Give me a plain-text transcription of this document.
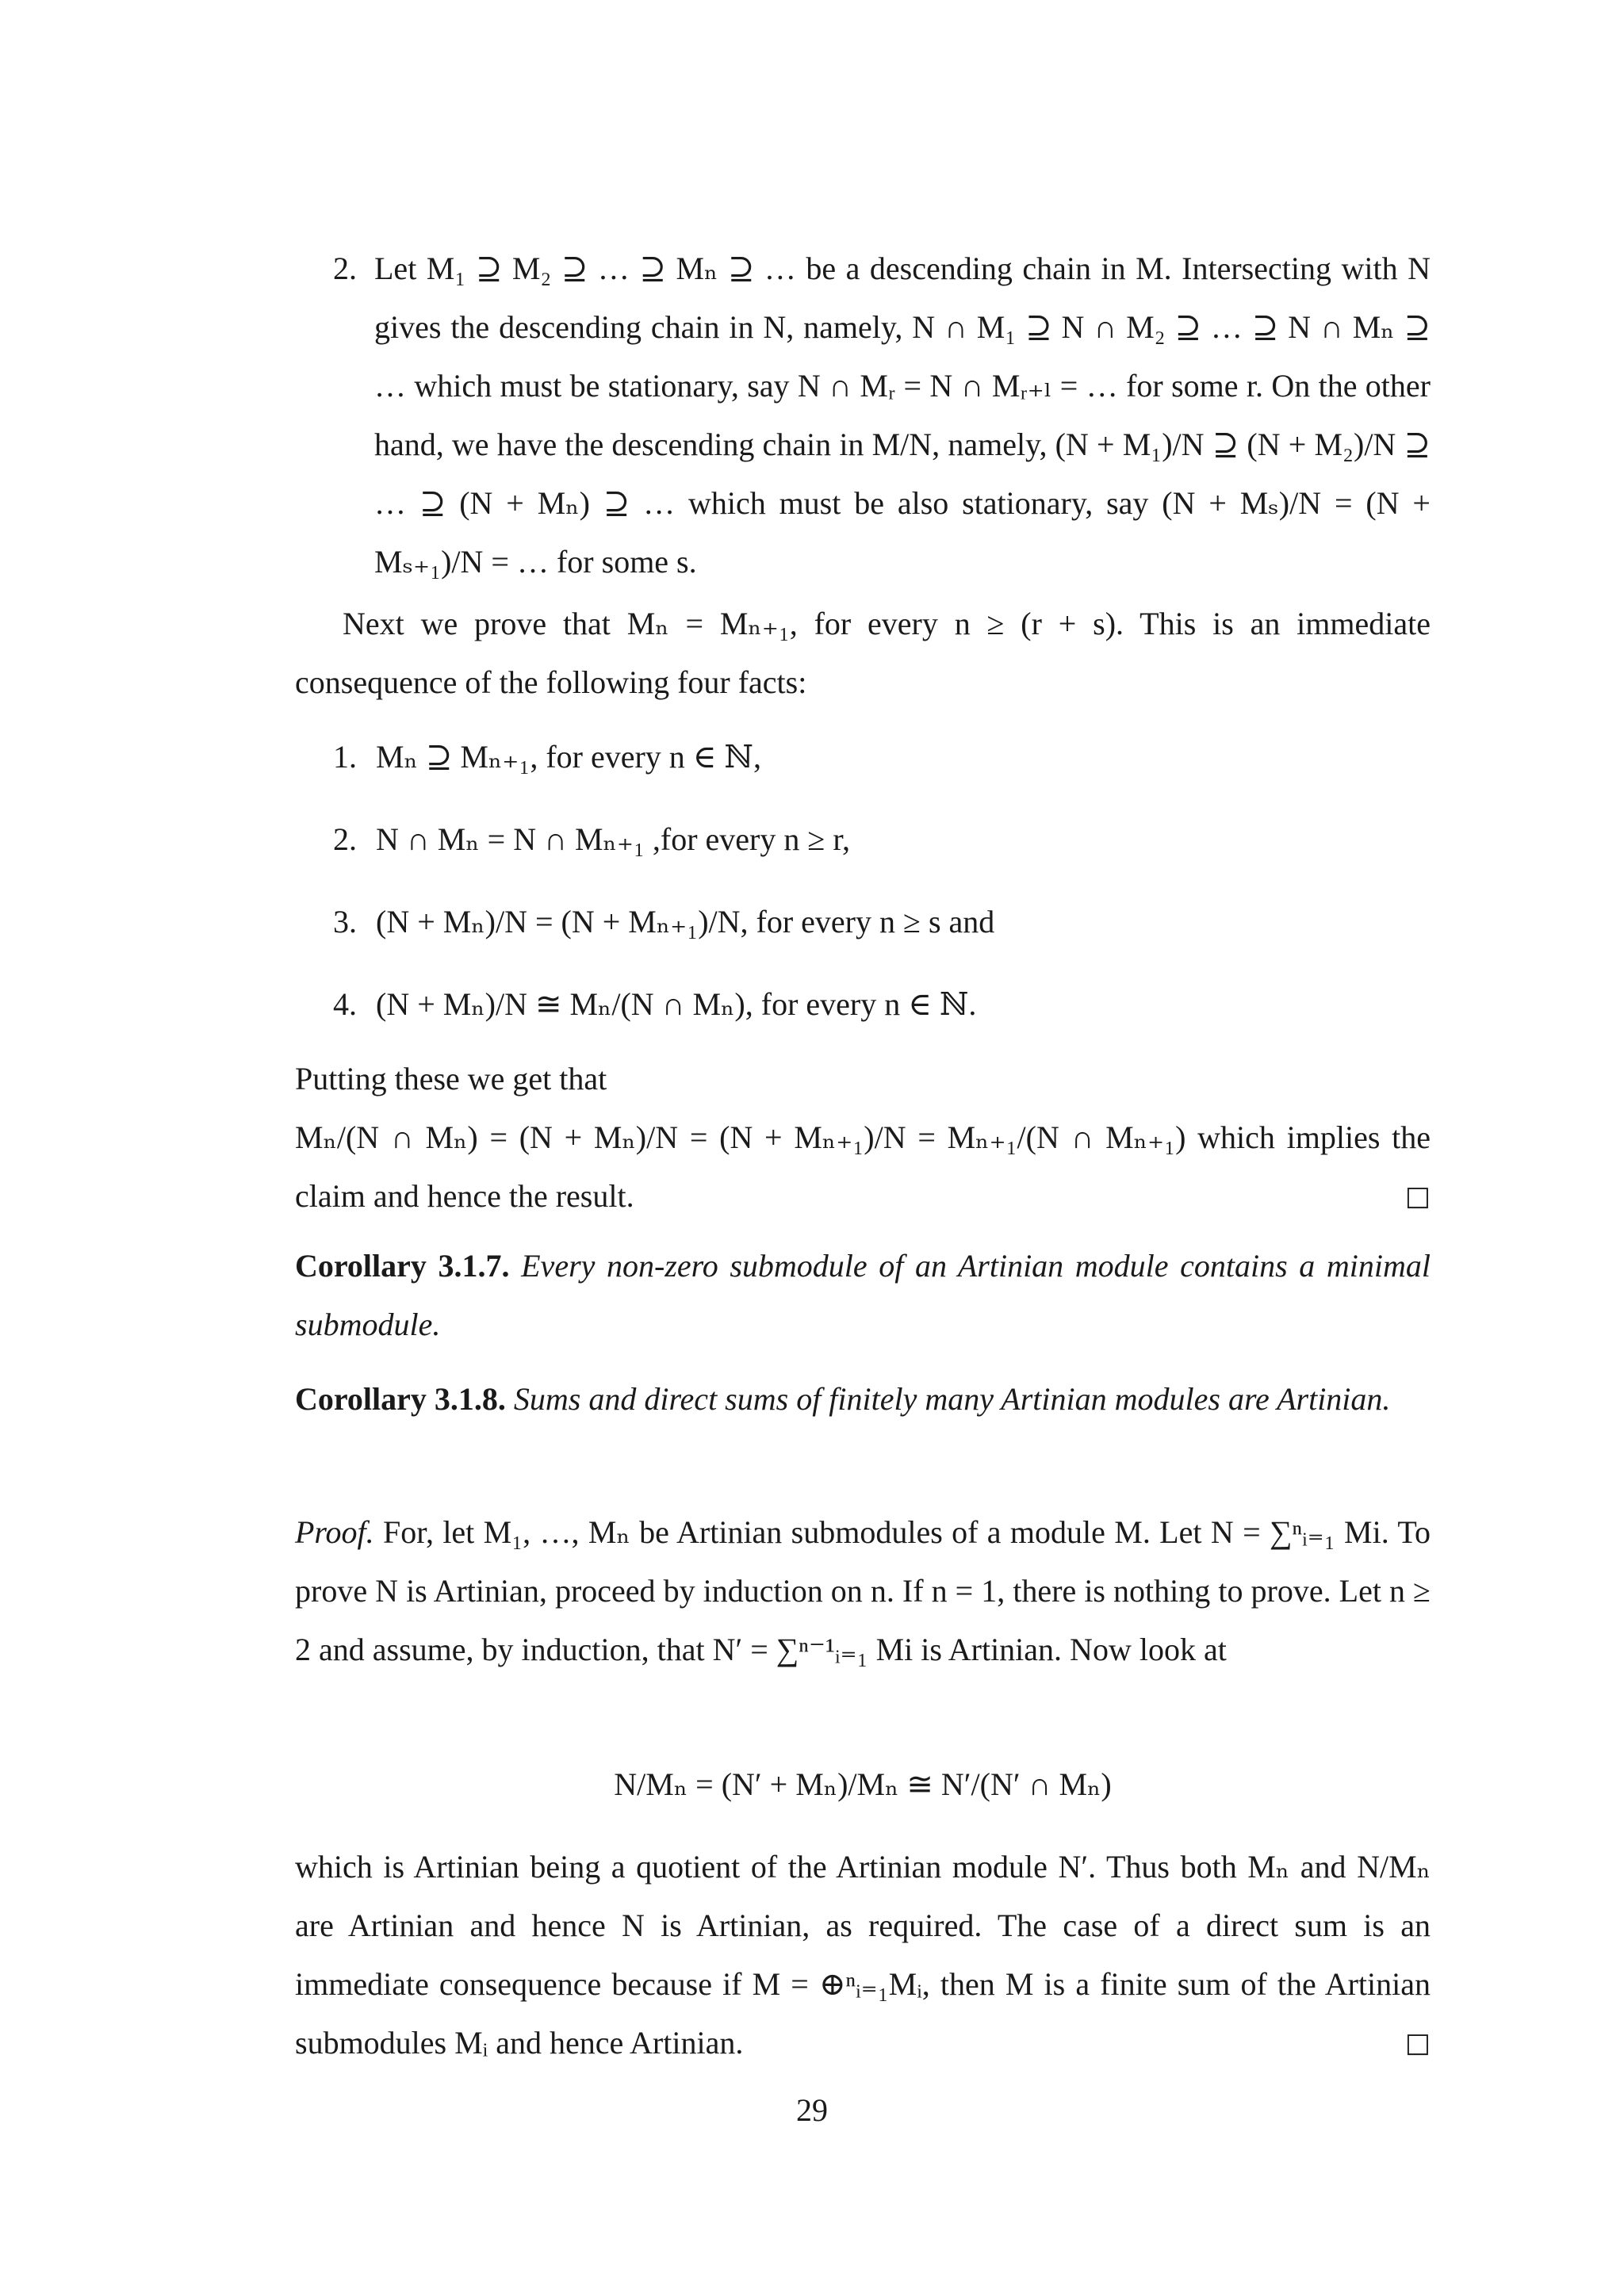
2. Let M₁ ⊇ M₂ ⊇ … ⊇ Mₙ ⊇ … be a descending chain in M. Intersecting with N gives the descending chain in N, namely, N ∩ M₁ ⊇ N ∩ M₂ ⊇ … ⊇ N ∩ Mₙ ⊇ … which must be stationary, say N ∩ Mᵣ = N ∩ Mᵣ₊ₗ = … for some r. On the other hand, we have the descending chain in M/N, namely, (N + M₁)/N ⊇ (N + M₂)/N ⊇ … ⊇ (N + Mₙ) ⊇ … which must be also stationary, say (N + Mₛ)/N = (N + Mₛ₊₁)/N = … for some s.
Next we prove that Mₙ = Mₙ₊₁, for every n ≥ (r + s). This is an immediate consequence of the following four facts:
1. Mₙ ⊇ Mₙ₊₁, for every n ∈ ℕ,
2. N ∩ Mₙ = N ∩ Mₙ₊₁ ,for every n ≥ r,
3. (N + Mₙ)/N = (N + Mₙ₊₁)/N, for every n ≥ s and
4. (N + Mₙ)/N ≅ Mₙ/(N ∩ Mₙ), for every n ∈ ℕ.
Putting these we get that
Mₙ/(N ∩ Mₙ) = (N + Mₙ)/N = (N + Mₙ₊₁)/N = Mₙ₊₁/(N ∩ Mₙ₊₁) which implies the claim and hence the result.	□
Corollary 3.1.7. Every non-zero submodule of an Artinian module contains a minimal submodule.
Corollary 3.1.8. Sums and direct sums of finitely many Artinian modules are Artinian.
Proof. For, let M₁, …, Mₙ be Artinian submodules of a module M. Let N = ∑ⁿᵢ₌₁ Mi. To prove N is Artinian, proceed by induction on n. If n = 1, there is nothing to prove. Let n ≥ 2 and assume, by induction, that N′ = ∑ⁿ⁻¹ᵢ₌₁ Mi is Artinian. Now look at
N/Mₙ = (N′ + Mₙ)/Mₙ ≅ N′/(N′ ∩ Mₙ)
which is Artinian being a quotient of the Artinian module N′. Thus both Mₙ and N/Mₙ are Artinian and hence N is Artinian, as required. The case of a direct sum is an immediate consequence because if M = ⊕ⁿᵢ₌₁Mᵢ, then M is a finite sum of the Artinian submodules Mᵢ and hence Artinian.	□
29
